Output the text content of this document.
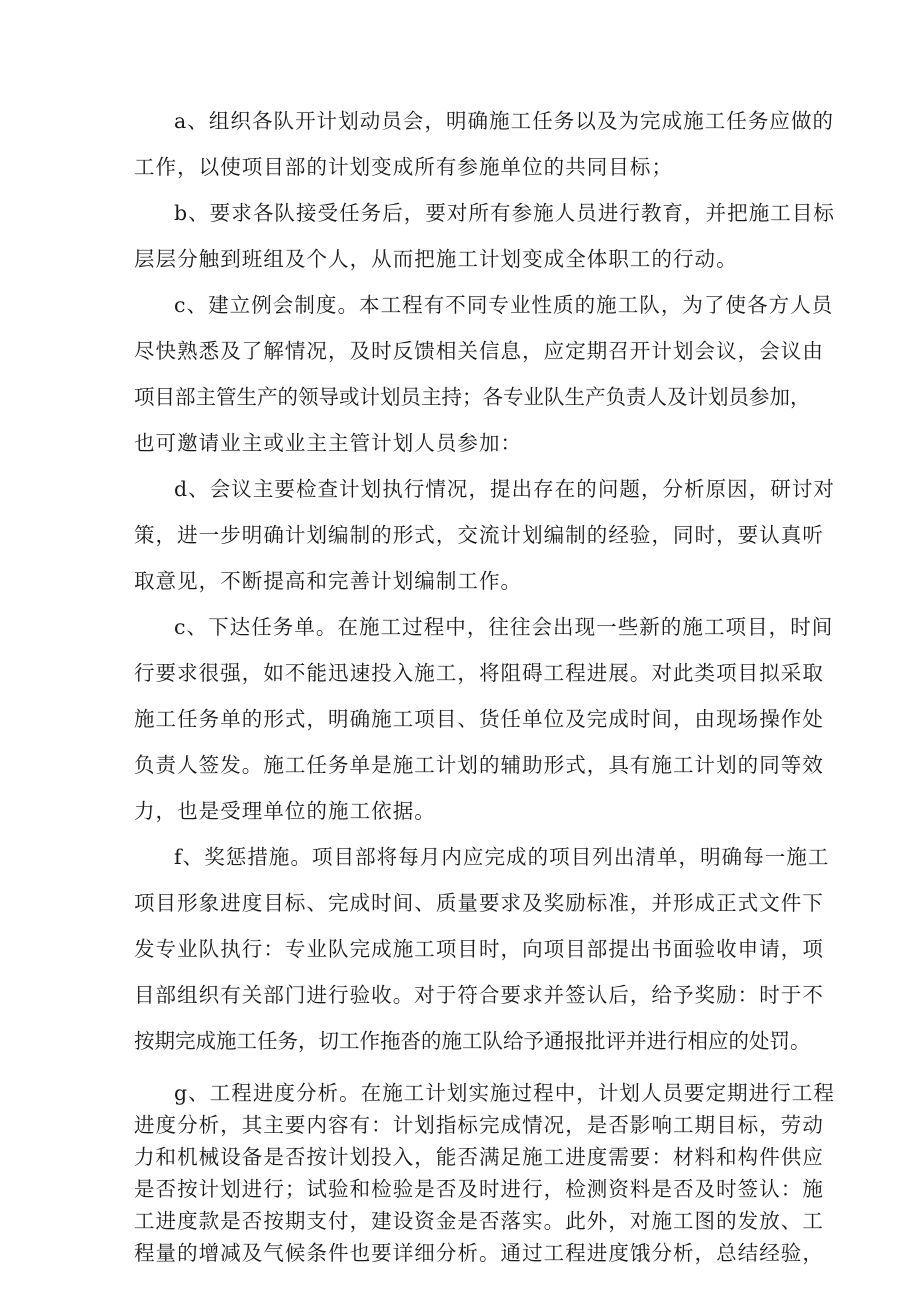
a、组织各队开计划动员会，明确施工任务以及为完成施工任务应做的

工作，以使项目部的计划变成所有参施单位的共同目标；

b、要求各队接受任务后，要对所有参施人员进行教育，并把施工目标

层层分触到班组及个人，从而把施工计划变成全体职工的行动。

c、建立例会制度。本工程有不同专业性质的施工队，为了使各方人员

尽快熟悉及了解情况，及时反馈相关信息，应定期召开计划会议，会议由

项目部主管生产的领导或计划员主持；各专业队生产负责人及计划员参加，

也可邀请业主或业主主管计划人员参加：

d、会议主要检查计划执行情况，提出存在的问题，分析原因，研讨对

策，进一步明确计划编制的形式，交流计划编制的经验，同时，要认真听

取意见，不断提高和完善计划编制工作。

c、下达任务单。在施工过程中，往往会出现一些新的施工项目，时间

行要求很强，如不能迅速投入施工，将阻碍工程进展。对此类项目拟采取

施工任务单的形式，明确施工项目、货任单位及完成时间，由现场操作处

负责人签发。施工任务单是施工计划的辅助形式，具有施工计划的同等效

力，也是受理单位的施工依据。

f、奖惩措施。项目部将每月内应完成的项目列出清单，明确每一施工

项目形象进度目标、完成时间、质量要求及奖励标准，并形成正式文件下

发专业队执行：专业队完成施工项目时，向项目部提出书面验收申请，项

目部组织有关部门进行验收。对于符合要求并签认后，给予奖励：时于不

按期完成施工任务，切工作拖沓的施工队给予通报批评并进行相应的处罚。

g、工程进度分析。在施工计划实施过程中，计划人员要定期进行工程

进度分析，其主要内容有：计划指标完成情况，是否影响工期目标，劳动

力和机械设备是否按计划投入，能否满足施工进度需要：材料和构件供应

是否按计划进行；试验和检验是否及时进行，检测资料是否及时签认：施

工进度款是否按期支付，建设资金是否落实。此外，对施工图的发放、工

程量的增减及气候条件也要详细分析。通过工程进度饿分析，总结经验，
